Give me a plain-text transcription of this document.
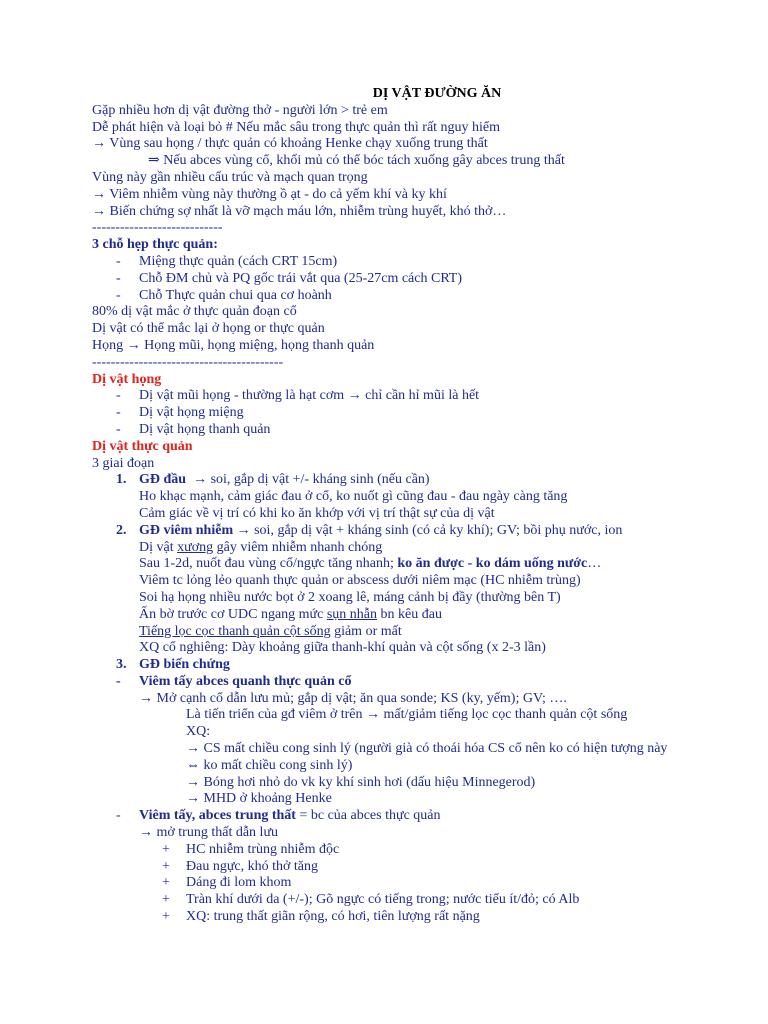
DỊ VẬT ĐƯỜNG ĂN
Gặp nhiều hơn dị vật đường thở - người lớn > trẻ em
Dễ phát hiện và loại bỏ # Nếu mắc sâu trong thực quản thì rất nguy hiểm
→ Vùng sau họng / thực quản có khoảng Henke chạy xuống trung thất
⇒ Nếu abces vùng cổ, khối mủ có thể bóc tách xuống gây abces trung thất
Vùng này gần nhiều cấu trúc và mạch quan trọng
→ Viêm nhiễm vùng này thường ồ ạt - do cả yếm khí và ky khí
→ Biến chứng sợ nhất là vỡ mạch máu lớn, nhiễm trùng huyết, khó thở…
----------------------------
3 chỗ hẹp thực quản:
- Miệng thực quản (cách CRT 15cm)
- Chỗ ĐM chủ và PQ gốc trái vắt qua (25-27cm cách CRT)
- Chỗ Thực quản chui qua cơ hoành
80% dị vật mắc ở thực quản đoạn cổ
Dị vật có thể mắc lại ở họng or thực quản
Họng → Họng mũi, họng miệng, họng thanh quản
-----------------------------------------
Dị vật họng
- Dị vật mũi họng - thường là hạt cơm → chỉ cần hỉ mũi là hết
- Dị vật họng miệng
- Dị vật họng thanh quản
Dị vật thực quản
3 giai đoạn
1. GĐ đầu → soi, gắp dị vật +/- kháng sinh (nếu cần)
Ho khạc mạnh, cảm giác đau ở cổ, ko nuốt gì cũng đau - đau ngày càng tăng
Cảm giác về vị trí có khi ko ăn khớp với vị trí thật sự của dị vật
2. GĐ viêm nhiễm → soi, gắp dị vật + kháng sinh (có cả ky khí); GV; bồi phụ nước, ion
Dị vật xương gây viêm nhiễm nhanh chóng
Sau 1-2d, nuốt đau vùng cổ/ngực tăng nhanh; ko ăn được - ko dám uống nước…
Viêm tc lỏng lẻo quanh thực quản or abscess dưới niêm mạc (HC nhiễm trùng)
Soi hạ họng nhiều nước bọt ở 2 xoang lê, máng cảnh bị đầy (thường bên T)
Ấn bờ trước cơ UDC ngang mức sụn nhẫn bn kêu đau
Tiếng lọc cọc thanh quản cột sống giảm or mất
XQ cổ nghiêng: Dày khoảng giữa thanh-khí quản và cột sống (x 2-3 lần)
3. GĐ biến chứng
- Viêm tấy abces quanh thực quản cổ
→ Mở cạnh cổ dẫn lưu mủ; gắp dị vật; ăn qua sonde; KS (ky, yếm); GV; ….
Là tiến triển của gđ viêm ở trên → mất/giảm tiếng lọc cọc thanh quản cột sống
XQ:
→ CS mất chiều cong sinh lý (người già có thoái hóa CS cổ nên ko có hiện tượng này ⇔ ko mất chiều cong sinh lý)
→ Bóng hơi nhỏ do vk ky khí sinh hơi (dấu hiệu Minnegerod)
→ MHD ở khoảng Henke
- Viêm tấy, abces trung thất = bc của abces thực quản
→ mở trung thất dẫn lưu
+ HC nhiễm trùng nhiễm độc
+ Đau ngực, khó thở tăng
+ Dáng đi lom khom
+ Tràn khí dưới da (+/-); Gõ ngực có tiếng trong; nước tiểu ít/đỏ; có Alb
+ XQ: trung thất giãn rộng, có hơi, tiên lượng rất nặng
